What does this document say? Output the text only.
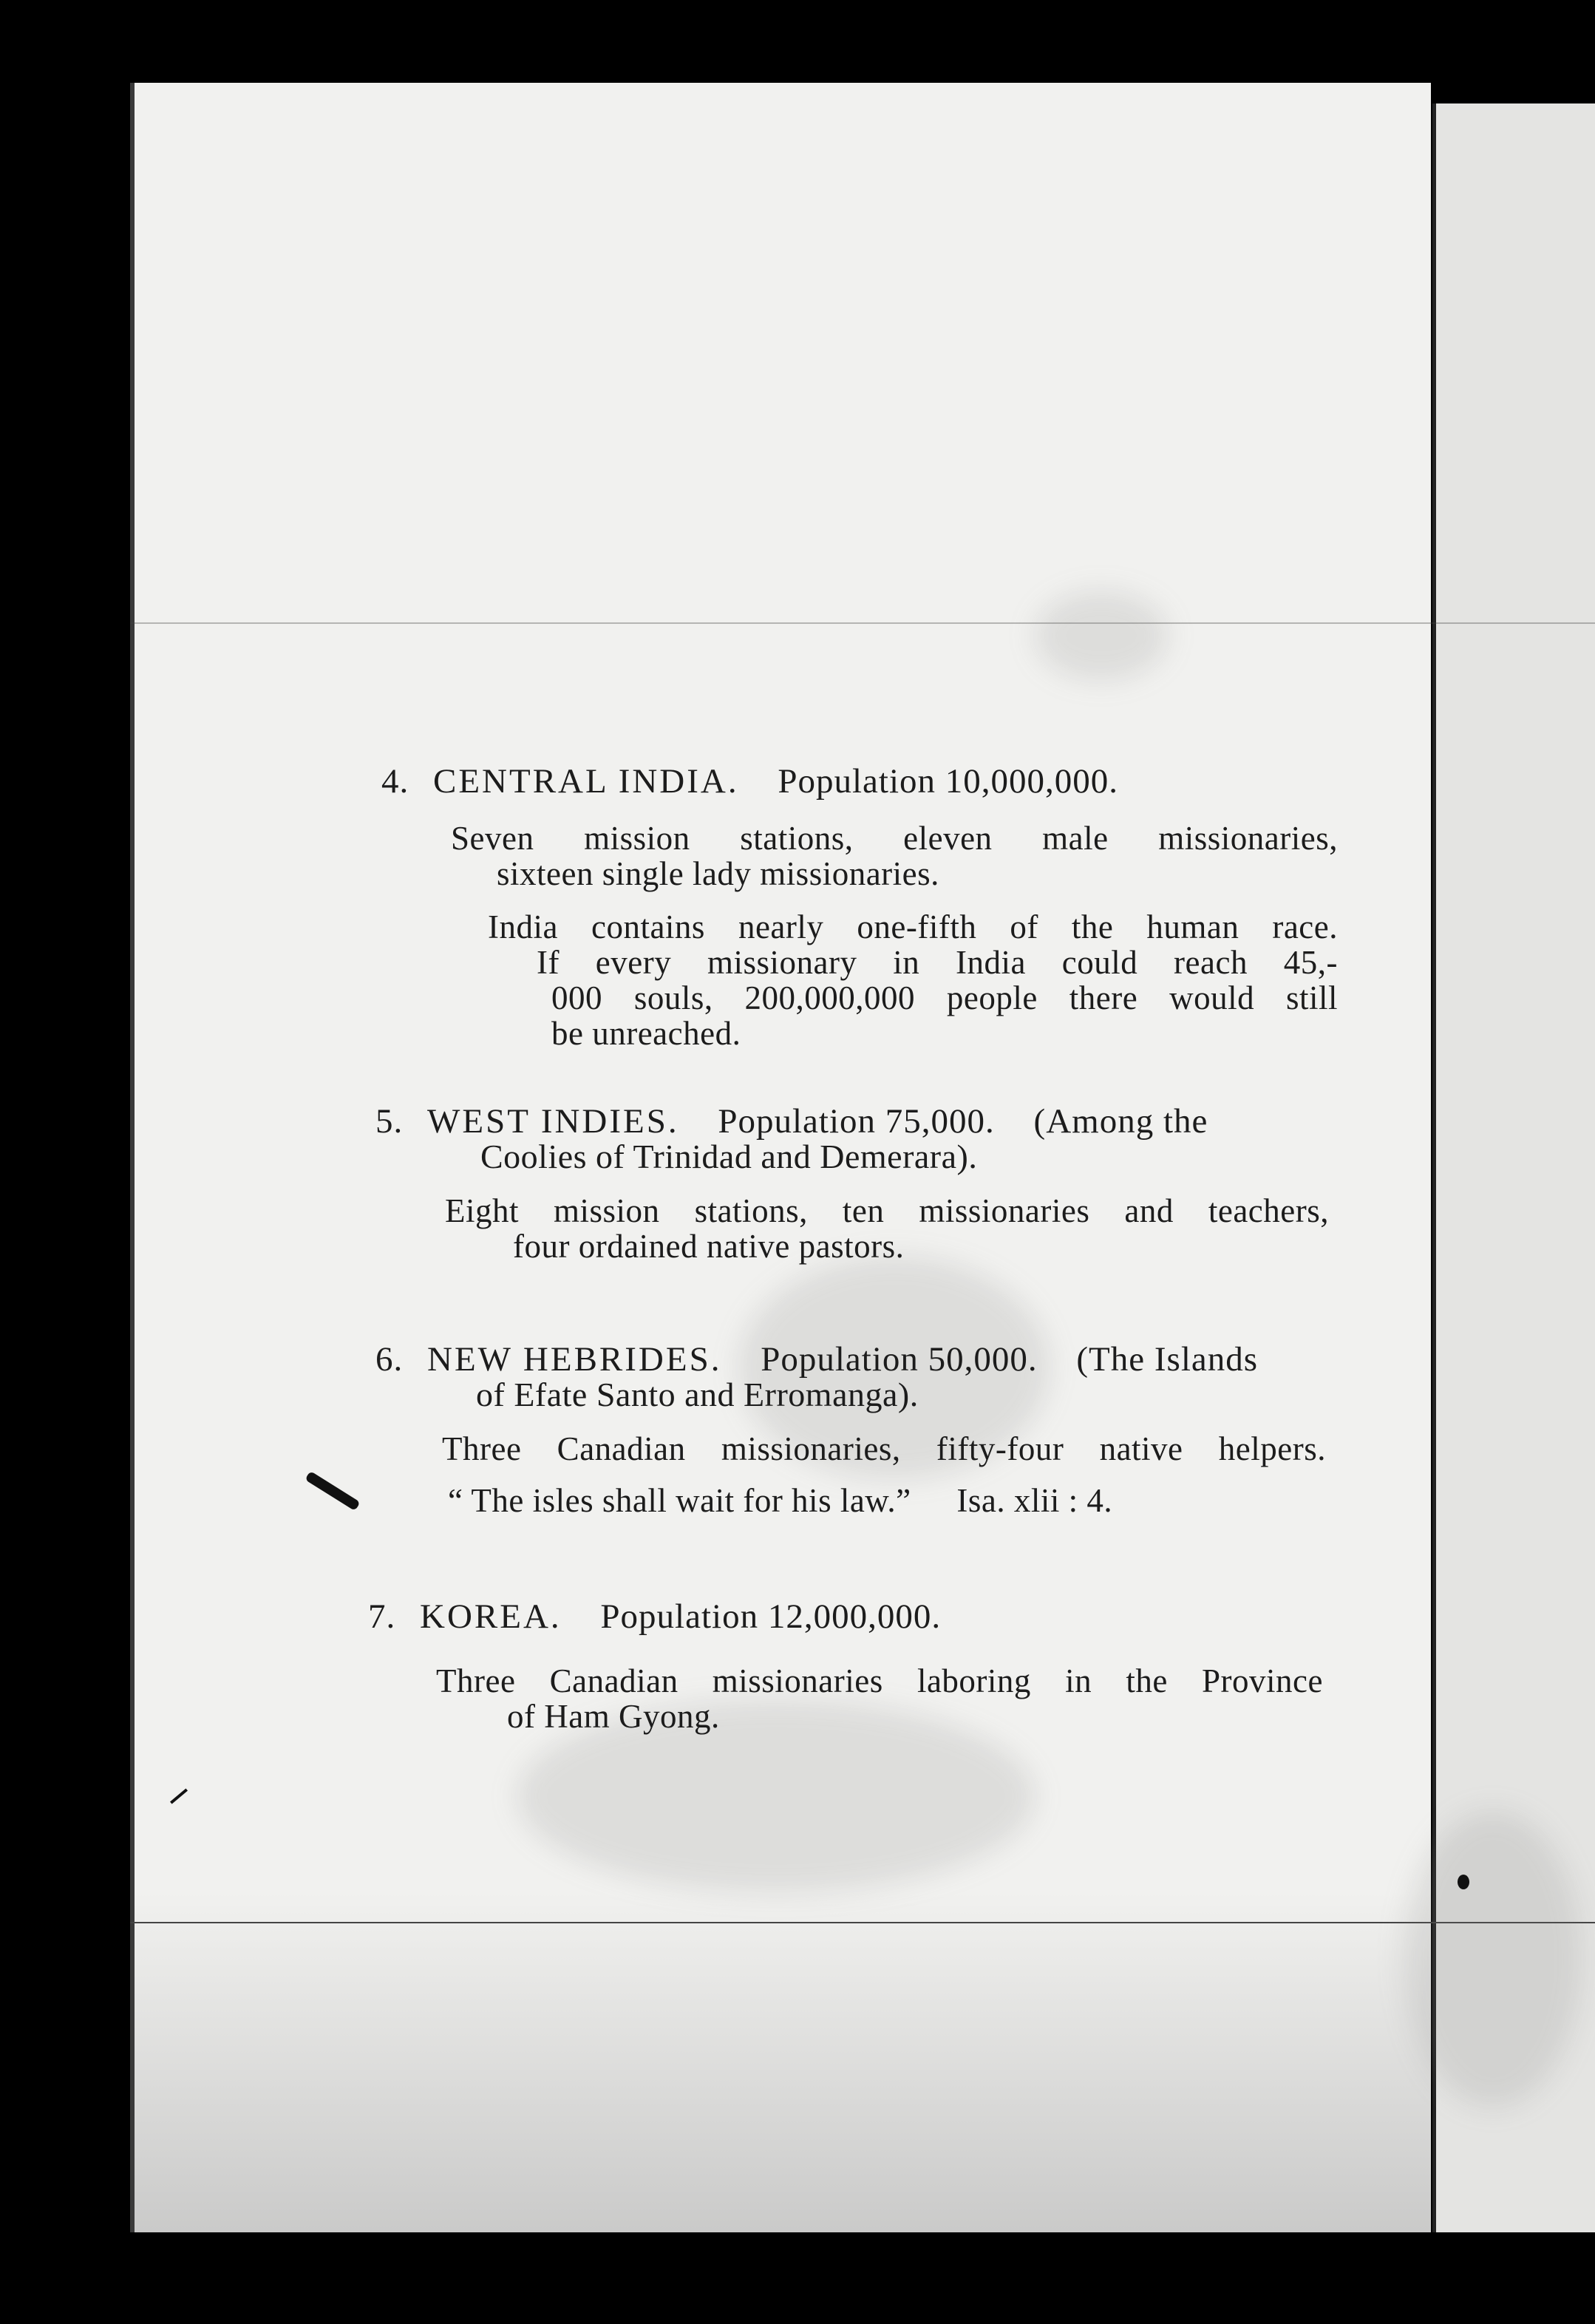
4. CENTRAL INDIA. Population 10,000,000.
Seven mission stations, eleven male missionaries,
sixteen single lady missionaries.
India contains nearly one-fifth of the human race.
If every missionary in India could reach 45,-
000 souls, 200,000,000 people there would still
be unreached.
5. WEST INDIES. Population 75,000. (Among the
Coolies of Trinidad and Demerara).
Eight mission stations, ten missionaries and teachers,
four ordained native pastors.
6. NEW HEBRIDES. Population 50,000. (The Islands
of Efate Santo and Erromanga).
Three Canadian missionaries, fifty-four native helpers.
“ The isles shall wait for his law.” Isa. xlii : 4.
7. KOREA. Population 12,000,000.
Three Canadian missionaries laboring in the Province
of Ham Gyong.
